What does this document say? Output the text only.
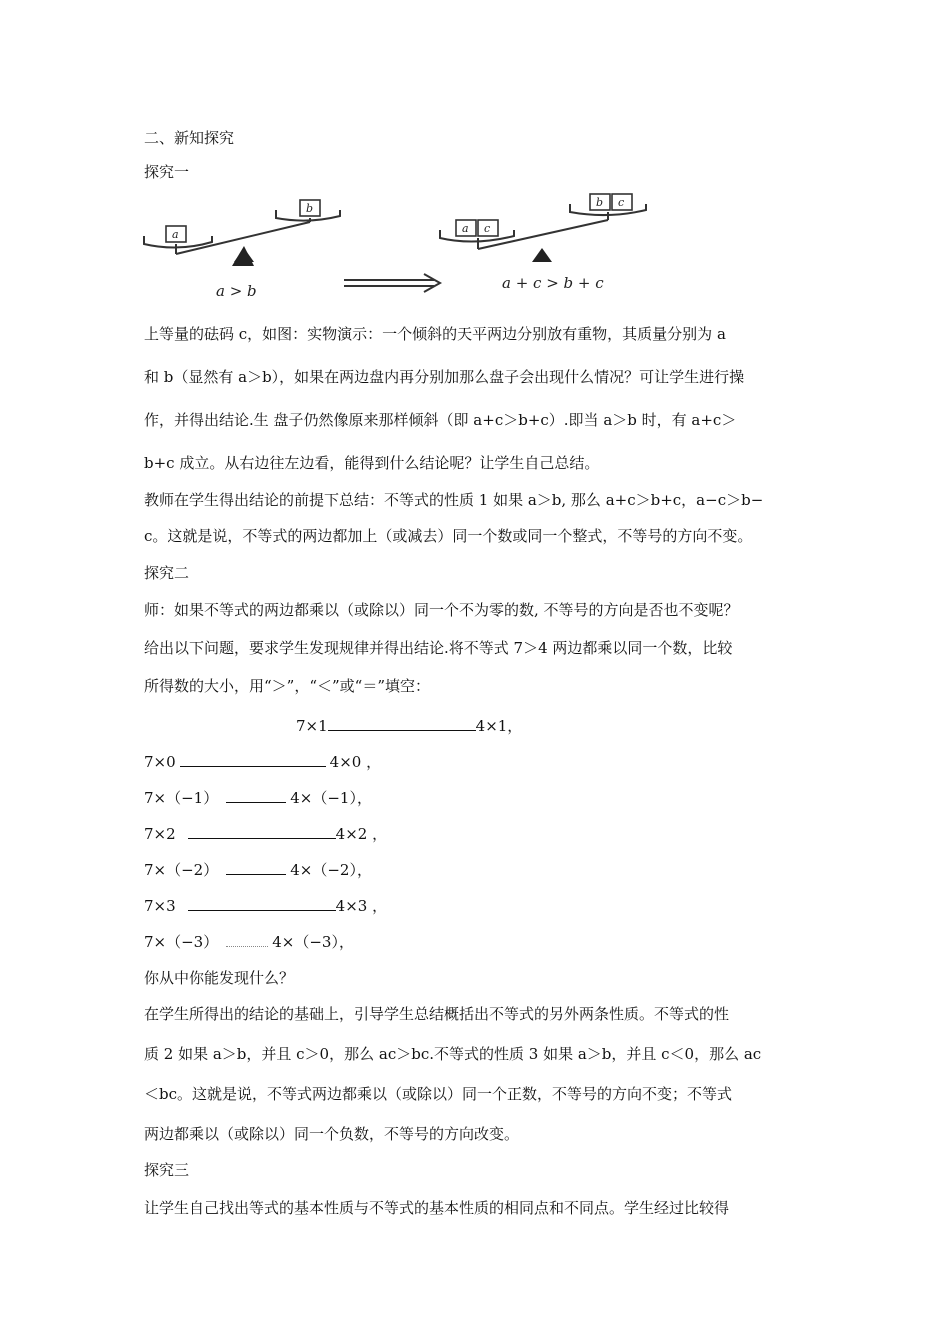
二、新知探究
探究一
a
b
a c
b c
a > b	a + c > b + c
上等量的砝码 c，如图：实物演示：一个倾斜的天平两边分别放有重物，其质量分别为 a
和 b（显然有 a＞b），如果在两边盘内再分别加那么盘子会出现什么情况？可让学生进行操
作，并得出结论.生 盘子仍然像原来那样倾斜（即 a+c＞b+c）.即当 a＞b 时，有 a+c＞
b+c 成立。从右边往左边看，能得到什么结论呢？让学生自己总结。
教师在学生得出结论的前提下总结：不等式的性质 1 如果 a＞b, 那么 a+c＞b+c，a−c＞b−
c。这就是说，不等式的两边都加上（或减去）同一个数或同一个整式，不等号的方向不变。
探究二
师：如果不等式的两边都乘以（或除以）同一个不为零的数, 不等号的方向是否也不变呢？
给出以下问题，要求学生发现规律并得出结论.将不等式 7＞4 两边都乘以同一个数，比较
所得数的大小，用“＞”，“＜”或“＝”填空：
7×1	4×1，
7×0	4×0 ，
7×（−1）	4×（−1），
7×2	4×2 ，
7×（−2）	4×（−2），
7×3	4×3 ，
7×（−3）	4×（−3），
你从中你能发现什么？
在学生所得出的结论的基础上，引导学生总结概括出不等式的另外两条性质。不等式的性
质 2 如果 a＞b，并且 c＞0，那么 ac＞bc.不等式的性质 3 如果 a＞b，并且 c＜0，那么 ac
＜bc。这就是说，不等式两边都乘以（或除以）同一个正数，不等号的方向不变；不等式
两边都乘以（或除以）同一个负数，不等号的方向改变。
探究三
让学生自己找出等式的基本性质与不等式的基本性质的相同点和不同点。学生经过比较得
